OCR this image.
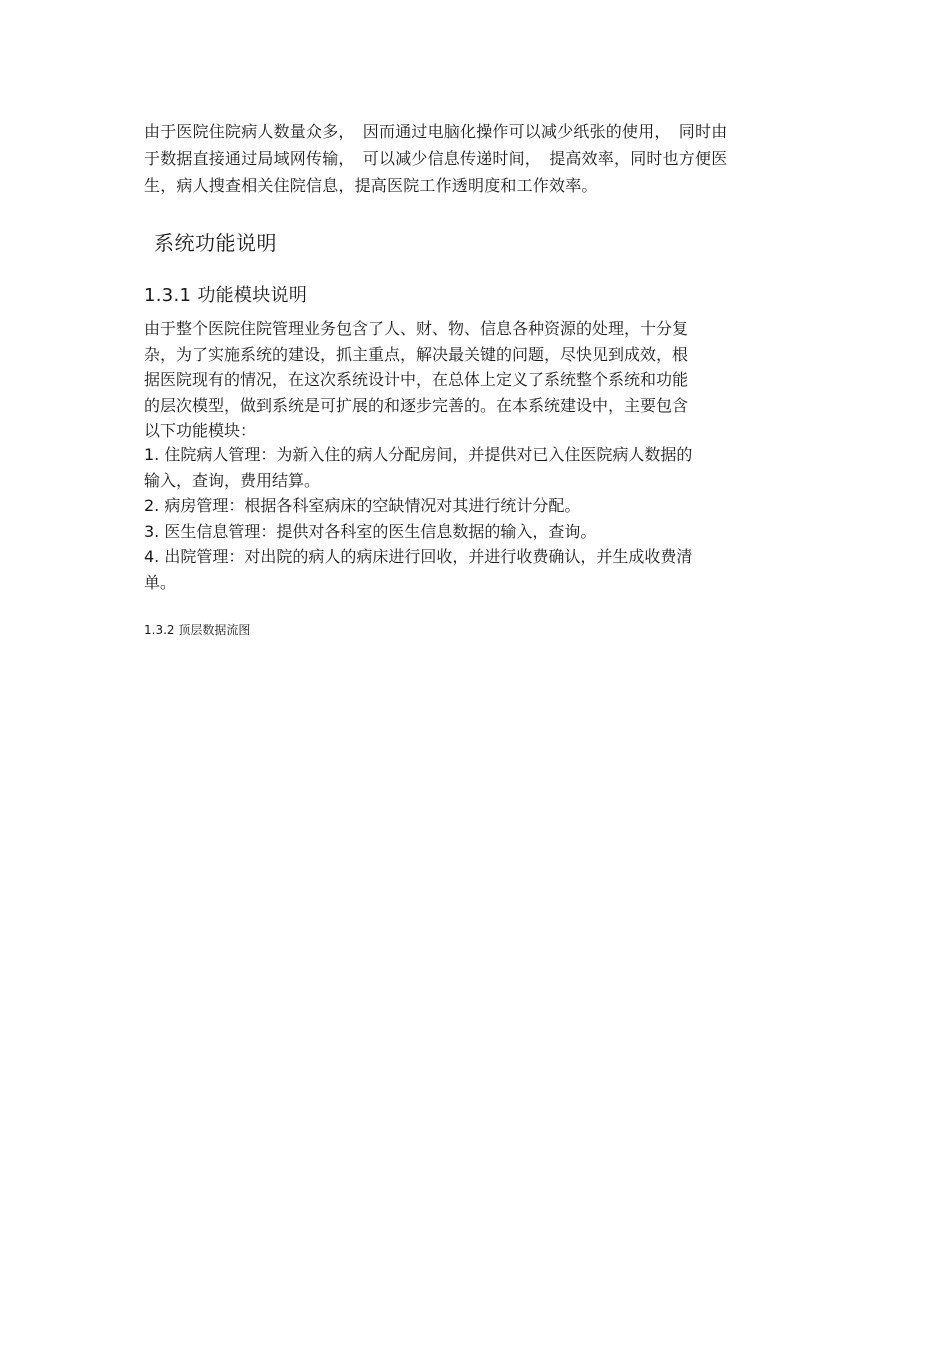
由于医院住院病人数量众多，　因而通过电脑化操作可以减少纸张的使用，　同时由
于数据直接通过局域网传输，　可以减少信息传递时间，　提高效率，同时也方便医
生，病人搜查相关住院信息，提高医院工作透明度和工作效率。
系统功能说明
1.3.1 功能模块说明
由于整个医院住院管理业务包含了人、财、物、信息各种资源的处理，十分复
杂，为了实施系统的建设，抓主重点，解决最关键的问题，尽快见到成效，根
据医院现有的情况，在这次系统设计中，在总体上定义了系统整个系统和功能
的层次模型，做到系统是可扩展的和逐步完善的。在本系统建设中，主要包含
以下功能模块：
1. 住院病人管理：为新入住的病人分配房间，并提供对已入住医院病人数据的
输入，查询，费用结算。
2. 病房管理：根据各科室病床的空缺情况对其进行统计分配。
3. 医生信息管理：提供对各科室的医生信息数据的输入，查询。
4. 出院管理：对出院的病人的病床进行回收，并进行收费确认，并生成收费清
单。
1.3.2 顶层数据流图
